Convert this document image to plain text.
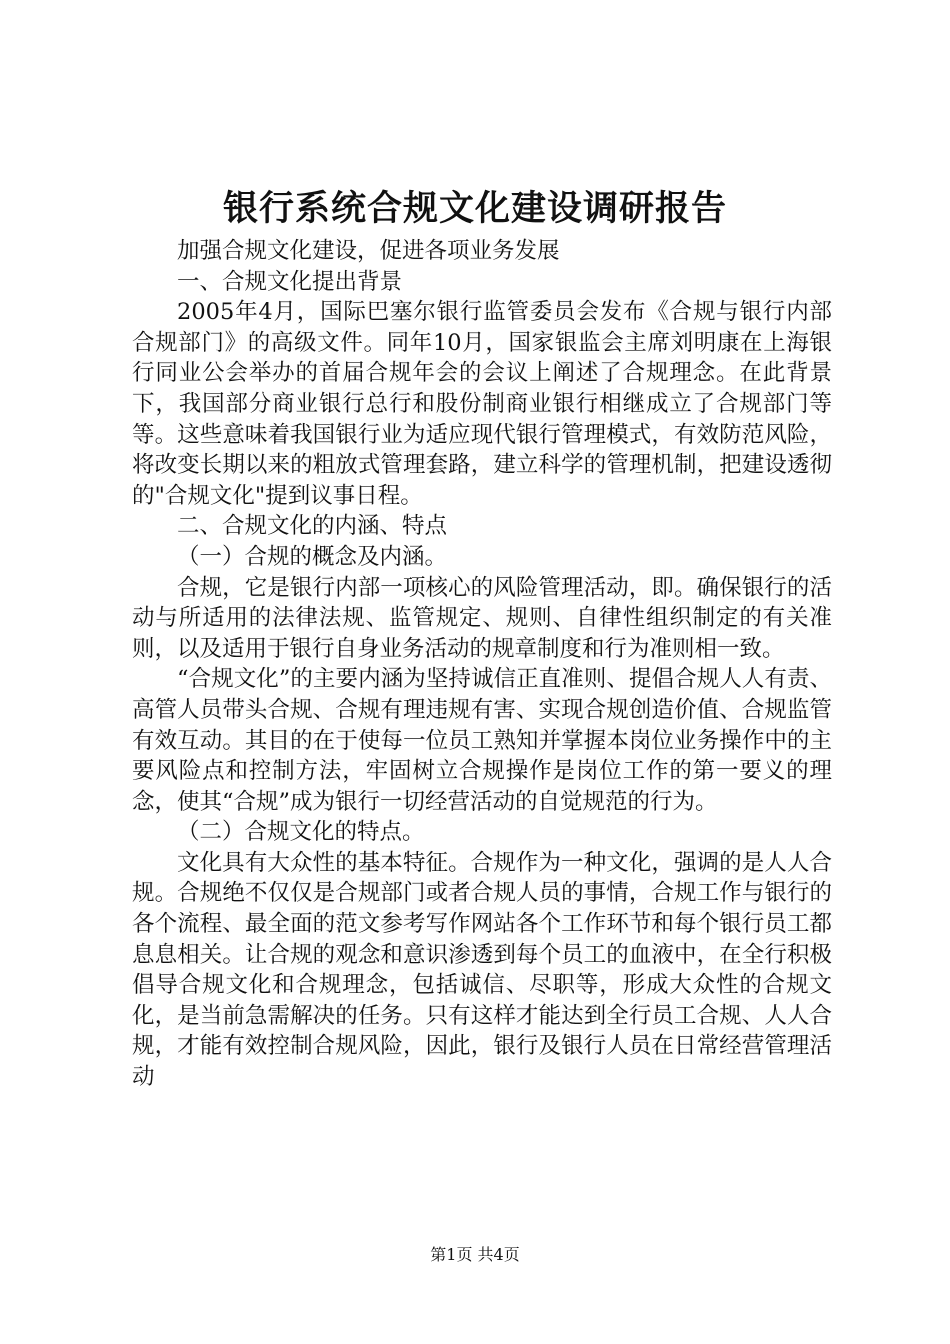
银行系统合规文化建设调研报告

加强合规文化建设，促进各项业务发展

一、合规文化提出背景

2005年4月，国际巴塞尔银行监管委员会发布《合规与银行内部合规部门》的高级文件。同年10月，国家银监会主席刘明康在上海银行同业公会举办的首届合规年会的会议上阐述了合规理念。在此背景下，我国部分商业银行总行和股份制商业银行相继成立了合规部门等等。这些意味着我国银行业为适应现代银行管理模式，有效防范风险，将改变长期以来的粗放式管理套路，建立科学的管理机制，把建设透彻的"合规文化"提到议事日程。

二、合规文化的内涵、特点

（一）合规的概念及内涵。

合规，它是银行内部一项核心的风险管理活动，即。确保银行的活动与所适用的法律法规、监管规定、规则、自律性组织制定的有关准则，以及适用于银行自身业务活动的规章制度和行为准则相一致。

“合规文化”的主要内涵为坚持诚信正直准则、提倡合规人人有责、高管人员带头合规、合规有理违规有害、实现合规创造价值、合规监管有效互动。其目的在于使每一位员工熟知并掌握本岗位业务操作中的主要风险点和控制方法，牢固树立合规操作是岗位工作的第一要义的理念，使其“合规”成为银行一切经营活动的自觉规范的行为。

（二）合规文化的特点。

文化具有大众性的基本特征。合规作为一种文化，强调的是人人合规。合规绝不仅仅是合规部门或者合规人员的事情，合规工作与银行的各个流程、最全面的范文参考写作网站各个工作环节和每个银行员工都息息相关。让合规的观念和意识渗透到每个员工的血液中，在全行积极倡导合规文化和合规理念，包括诚信、尽职等，形成大众性的合规文化，是当前急需解决的任务。只有这样才能达到全行员工合规、人人合规，才能有效控制合规风险，因此，银行及银行人员在日常经营管理活动

第1页 共4页
